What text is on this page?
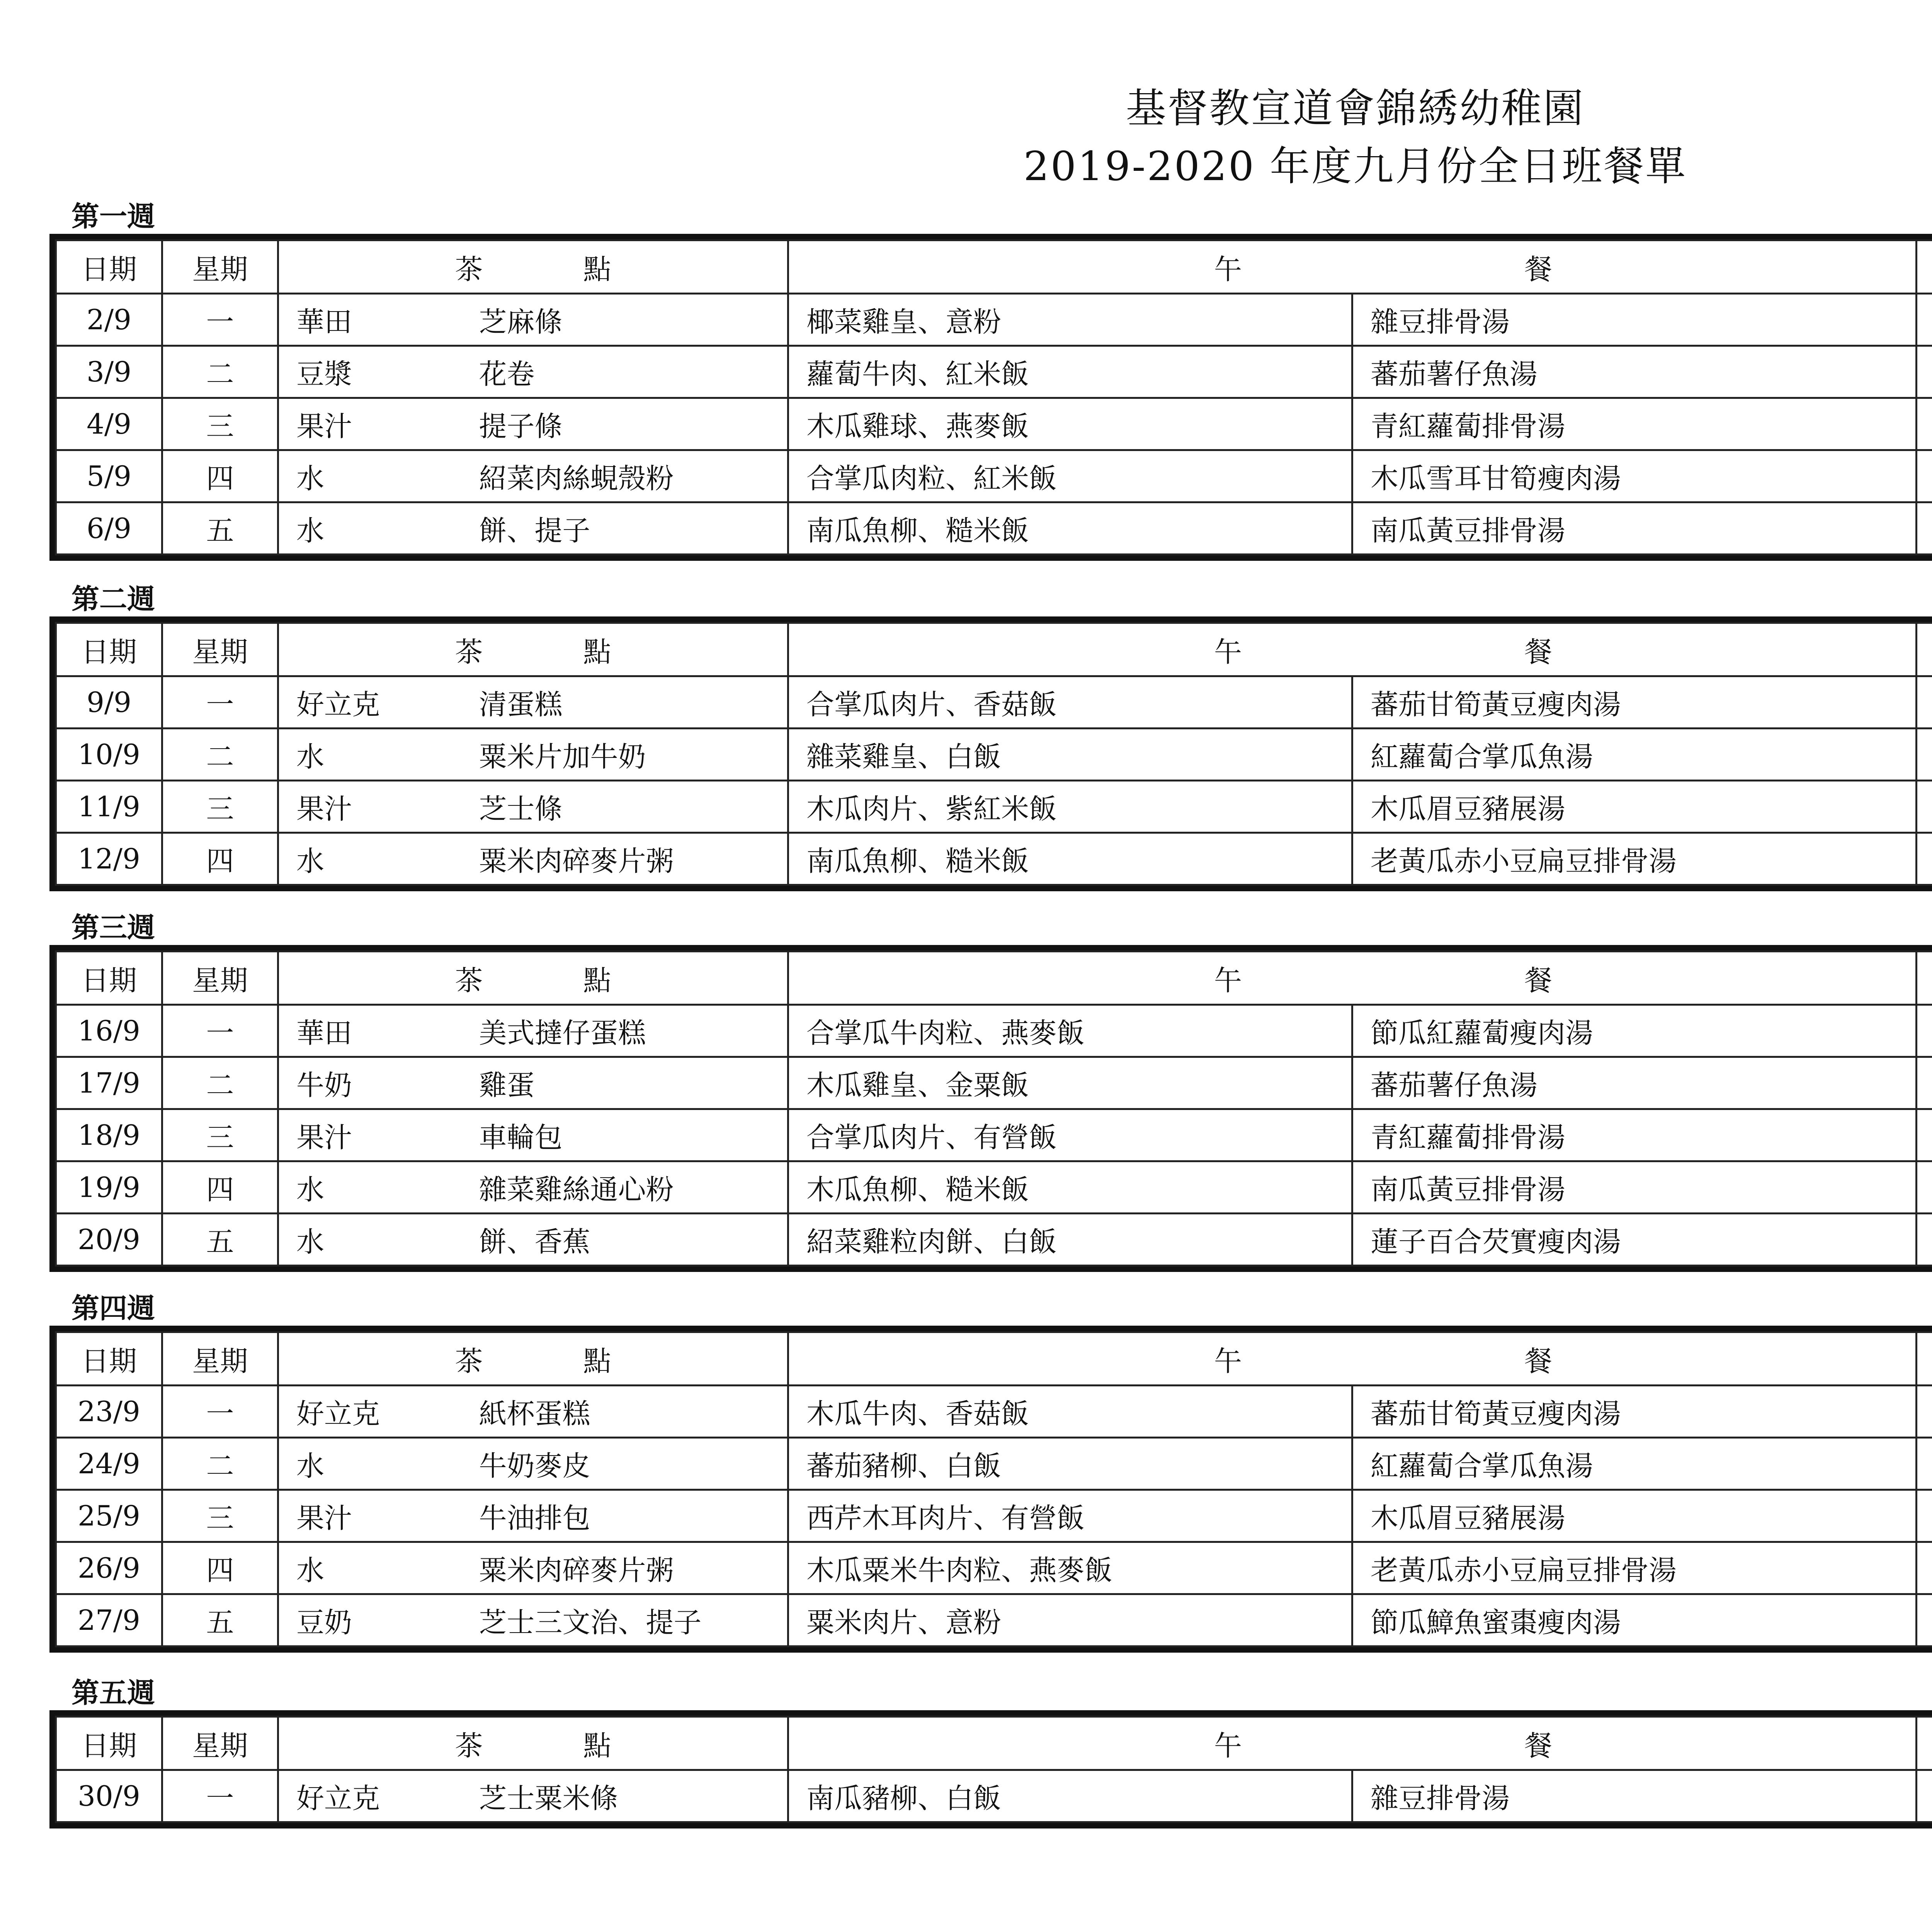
基督教宣道會錦綉幼稚園
2019-2020 年度九月份全日班餐單
第一週
日期	星期	茶 點		午 餐

2/9	一	華田	芝麻條	椰菜雞皇、意粉	雜豆排骨湯		
3/9	二	豆漿	花卷	蘿蔔牛肉、紅米飯	蕃茄薯仔魚湯		
4/9	三	果汁	提子條	木瓜雞球、燕麥飯	青紅蘿蔔排骨湯		
5/9	四	水	紹菜肉絲蜆殼粉	合掌瓜肉粒、紅米飯	木瓜雪耳甘筍瘦肉湯		
6/9	五	水	餅、提子	南瓜魚柳、糙米飯	南瓜黃豆排骨湯		
第二週
日期	星期	茶 點		午 餐

9/9	一	好立克	清蛋糕	合掌瓜肉片、香菇飯	蕃茄甘筍黃豆瘦肉湯		
10/9	二	水	粟米片加牛奶	雜菜雞皇、白飯	紅蘿蔔合掌瓜魚湯		
11/9	三	果汁	芝士條	木瓜肉片、紫紅米飯	木瓜眉豆豬展湯		
12/9	四	水	粟米肉碎麥片粥	南瓜魚柳、糙米飯	老黃瓜赤小豆扁豆排骨湯		
第三週
日期	星期	茶 點		午 餐

16/9	一	華田	美式撻仔蛋糕	合掌瓜牛肉粒、燕麥飯	節瓜紅蘿蔔瘦肉湯		
17/9	二	牛奶	雞蛋	木瓜雞皇、金粟飯	蕃茄薯仔魚湯		
18/9	三	果汁	車輪包	合掌瓜肉片、有營飯	青紅蘿蔔排骨湯		
19/9	四	水	雜菜雞絲通心粉	木瓜魚柳、糙米飯	南瓜黃豆排骨湯		
20/9	五	水	餅、香蕉	紹菜雞粒肉餅、白飯	蓮子百合芡實瘦肉湯		
第四週
日期	星期	茶 點		午 餐

23/9	一	好立克	紙杯蛋糕	木瓜牛肉、香菇飯	蕃茄甘筍黃豆瘦肉湯		
24/9	二	水	牛奶麥皮	蕃茄豬柳、白飯	紅蘿蔔合掌瓜魚湯		
25/9	三	果汁	牛油排包	西芹木耳肉片、有營飯	木瓜眉豆豬展湯		
26/9	四	水	粟米肉碎麥片粥	木瓜粟米牛肉粒、燕麥飯	老黃瓜赤小豆扁豆排骨湯		
27/9	五	豆奶	芝士三文治、提子	粟米肉片、意粉	節瓜鱆魚蜜棗瘦肉湯		
第五週
日期	星期	茶 點		午 餐

30/9	一	好立克	芝士粟米條	南瓜豬柳、白飯	雜豆排骨湯		
